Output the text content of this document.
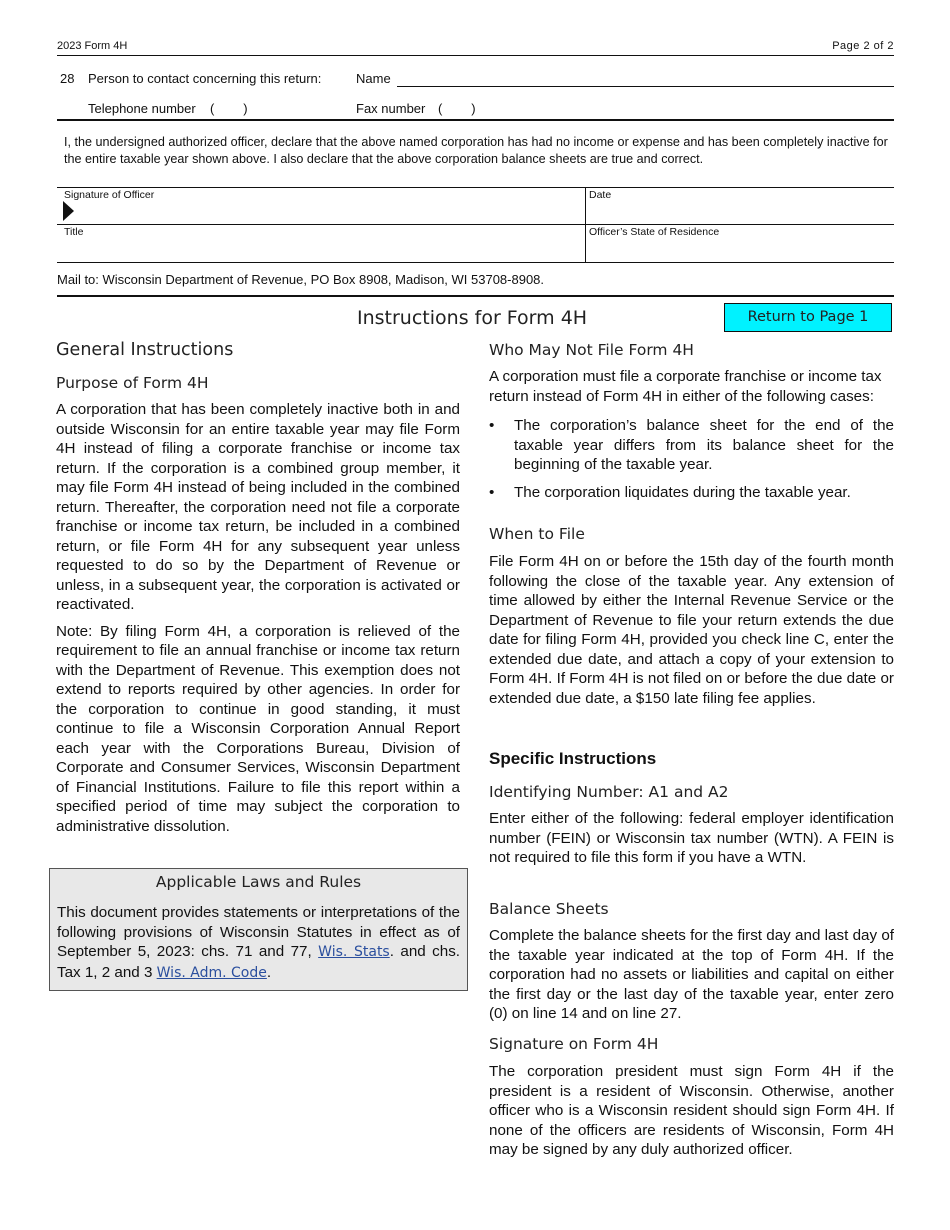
2023 Form 4H	Page 2 of 2
28 Person to contact concerning this return:	Name
Telephone number (        )	Fax number (        )
I, the undersigned authorized officer, declare that the above named corporation has had no income or expense and has been completely inactive for the entire taxable year shown above. I also declare that the above corporation balance sheets are true and correct.
Signature of Officer	Date
Title	Officer’s State of Residence
Mail to: Wisconsin Department of Revenue, PO Box 8908, Madison, WI 53708-8908.
Instructions for Form 4H	Return to Page 1
General Instructions
Purpose of Form 4H

A corporation that has been completely inactive both in and outside Wisconsin for an entire taxable year may file Form 4H instead of filing a corporate franchise or income tax return. If the corporation is a combined group member, it may file Form 4H instead of being included in the combined return. Thereafter, the corporation need not file a corporate franchise or income tax return, be included in a combined return, or file Form 4H for any subsequent year unless requested to do so by the Department of Revenue or unless, in a subsequent year, the corporation is activated or reactivated.

Note: By filing Form 4H, a corporation is relieved of the requirement to file an annual franchise or income tax return with the Department of Revenue. This exemption does not extend to reports required by other agencies. In order for the corporation to continue in good standing, it must continue to file a Wisconsin Corporation Annual Report each year with the Corporations Bureau, Division of Corporate and Consumer Services, Wisconsin Department of Financial Institutions. Failure to file this report within a specified period of time may subject the corporation to administrative dissolution.

Applicable Laws and Rules
This document provides statements or interpretations of the following provisions of Wisconsin Statutes in effect as of September 5, 2023: chs. 71 and 77, Wis. Stats. and chs. Tax 1, 2 and 3 Wis. Adm. Code.
Who May Not File Form 4H

A corporation must file a corporate franchise or income tax return instead of Form 4H in either of the following cases:

•	The corporation’s balance sheet for the end of the taxable year differs from its balance sheet for the beginning of the taxable year.
•	The corporation liquidates during the taxable year.
When to File
File Form 4H on or before the 15th day of the fourth month following the close of the taxable year. Any extension of time allowed by either the Internal Revenue Service or the Department of Revenue to file your return extends the due date for filing Form 4H, provided you check line C, enter the extended due date, and attach a copy of your extension to Form 4H. If Form 4H is not filed on or before the due date or extended due date, a $150 late filing fee applies.
Specific Instructions
Identifying Number: A1 and A2
Enter either of the following: federal employer identification number (FEIN) or Wisconsin tax number (WTN). A FEIN is not required to file this form if you have a WTN.
Balance Sheets
Complete the balance sheets for the first day and last day of the taxable year indicated at the top of Form 4H. If the corporation had no assets or liabilities and capital on either the first day or the last day of the taxable year, enter zero (0) on line 14 and on line 27.
Signature on Form 4H
The corporation president must sign Form 4H if the president is a resident of Wisconsin. Otherwise, another officer who is a Wisconsin resident should sign Form 4H. If none of the officers are residents of Wisconsin, Form 4H may be signed by any duly authorized officer.
